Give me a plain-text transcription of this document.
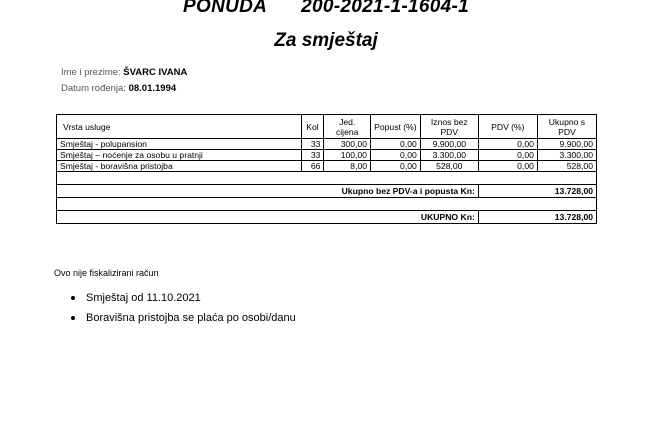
PONUDA 200-2021-1-1604-1
Za smještaj
Ime i prezime: ŠVARC IVANA
Datum rođenja: 08.01.1994
Vrsta usluge	Kol	Jed. cijena	Popust (%)	Iznos bez PDV	PDV (%)	Ukupno s PDV
Smještaj - polupansion	33	300,00	0,00	9.900,00	0,00	9.900,00
Smještaj – noćenje za osobu u pratnji	33	100,00	0,00	3.300,00	0,00	3.300,00
Smještaj - boravišna pristojba	66	8,00	0,00	528,00	0,00	528,00

Ukupno bez PDV-a i popusta Kn:					13.728,00	

UKUPNO Kn:					13.728,00	
Ovo nije fiskalizirani račun
Smještaj od 11.10.2021
Boravišna pristojba se plaća po osobi/danu
